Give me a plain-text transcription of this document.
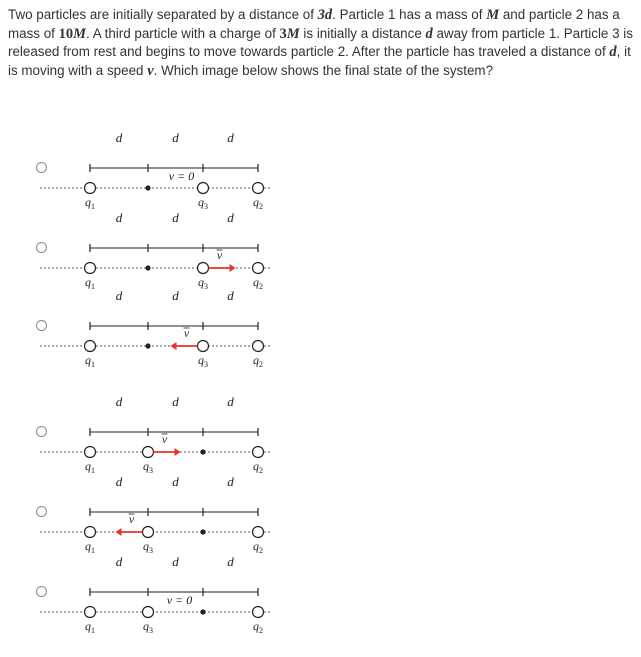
Two particles are initially separated by a distance of 3d. Particle 1 has a mass of M and particle 2 has a mass of 10M. A third particle with a charge of 3M is initially a distance d away from particle 1. Particle 3 is released from rest and begins to move towards particle 2. After the particle has traveled a distance of d, it is moving with a speed v. Which image below shows the final state of the system?
d	d	d
$q_1$	$q_2$
$q_3$
v = 0
d	d	d
$q_1$	$q_2$
$q_3$
v
d	d	d
$q_1$	$q_2$
$q_3$
v
d	d	d
$q_1$	$q_2$
$q_3$
v
d	d	d
$q_1$	$q_2$
$q_3$
v
d	d	d
$q_1$	$q_2$
$q_3$
v = 0
